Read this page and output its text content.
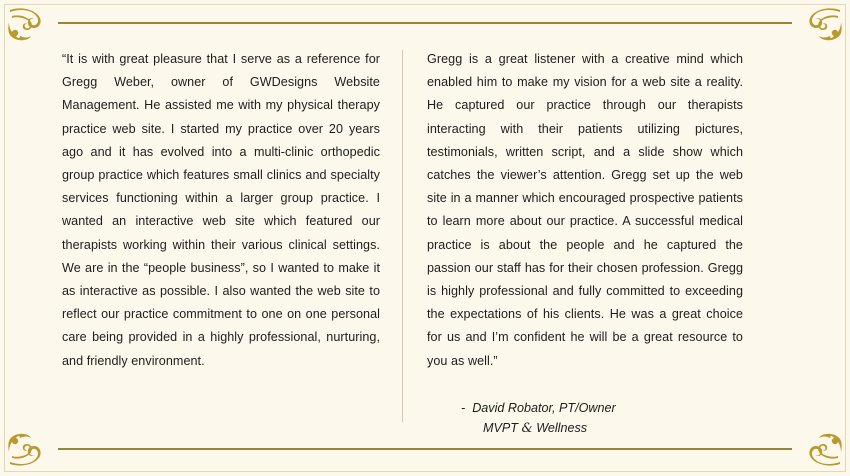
“It is with great pleasure that I serve as a reference for Gregg Weber, owner of GWDesigns Website Management. He assisted me with my physical therapy practice web site. I started my practice over 20 years ago and it has evolved into a multi-clinic orthopedic group practice which features small clinics and specialty services functioning within a larger group practice. I wanted an interactive web site which featured our therapists working within their various clinical settings. We are in the “people business”, so I wanted to make it as interactive as possible. I also wanted the web site to reflect our practice commitment to one on one personal care being provided in a highly professional, nurturing, and friendly environment.

Gregg is a great listener with a creative mind which enabled him to make my vision for a web site a reality. He captured our practice through our therapists interacting with their patients utilizing pictures, testimonials, written script, and a slide show which catches the viewer’s attention. Gregg set up the web site in a manner which encouraged prospective patients to learn more about our practice. A successful medical practice is about the people and he captured the passion our staff has for their chosen profession. Gregg is highly professional and fully committed to exceeding the expectations of his clients. He was a great choice for us and I’m confident he will be a great resource to you as well.”

- David Robator, PT/Owner
MVPT & Wellness
